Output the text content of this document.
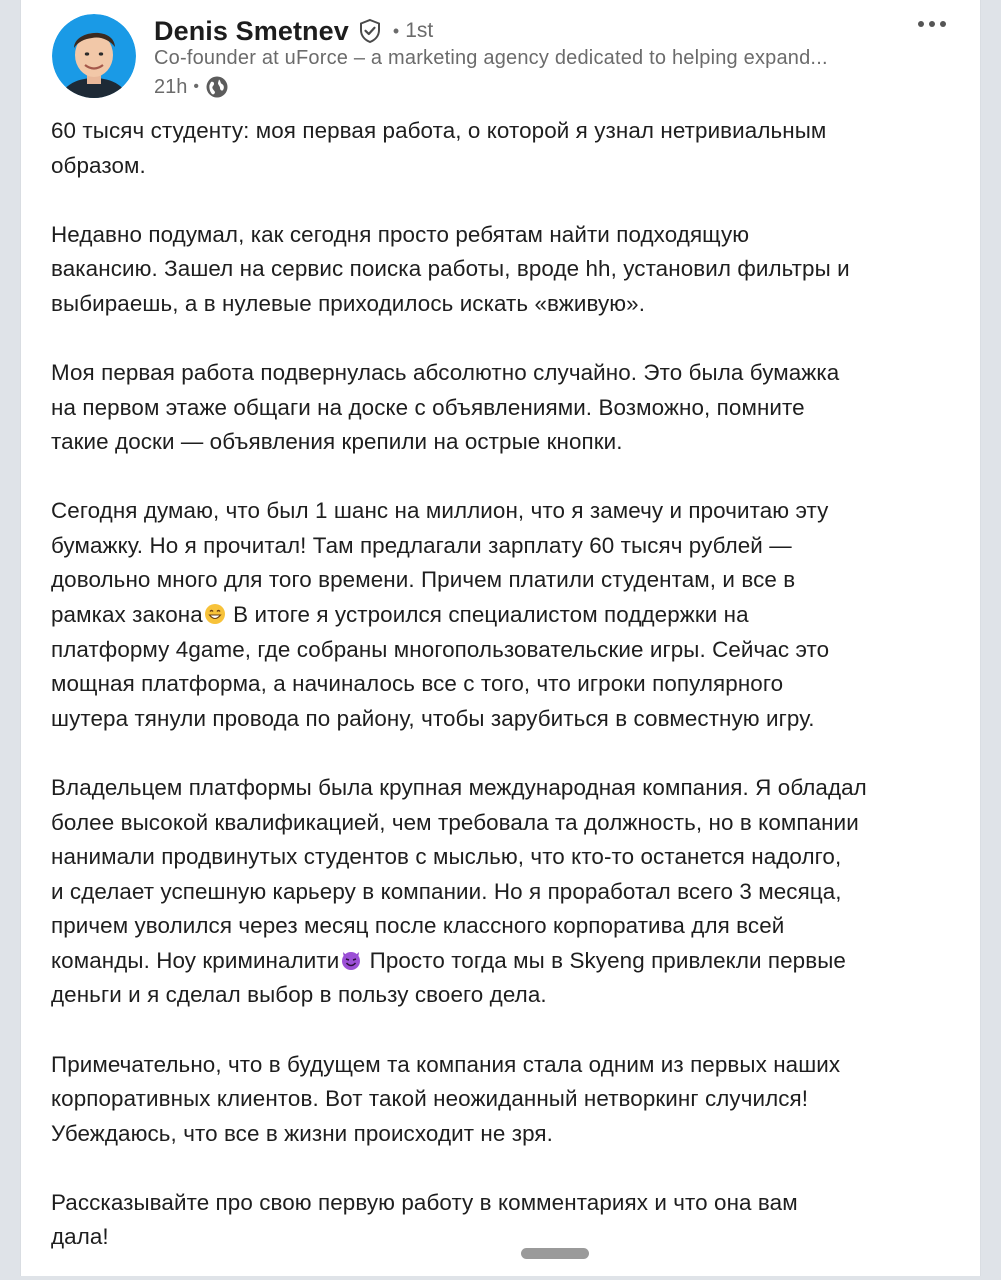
Denis Smetnev • 1st
Co-founder at uForce – a marketing agency dedicated to helping expand...
21h •

60 тысяч студенту: моя первая работа, о которой я узнал нетривиальным
образом.

Недавно подумал, как сегодня просто ребятам найти подходящую
вакансию. Зашел на сервис поиска работы, вроде hh, установил фильтры и
выбираешь, а в нулевые приходилось искать «вживую».

Моя первая работа подвернулась абсолютно случайно. Это была бумажка
на первом этаже общаги на доске с объявлениями. Возможно, помните
такие доски — объявления крепили на острые кнопки.

Сегодня думаю, что был 1 шанс на миллион, что я замечу и прочитаю эту
бумажку. Но я прочитал! Там предлагали зарплату 60 тысяч рублей —
довольно много для того времени. Причем платили студентам, и все в
рамках закона В итоге я устроился специалистом поддержки на
платформу 4game, где собраны многопользовательские игры. Сейчас это
мощная платформа, а начиналось все с того, что игроки популярного
шутера тянули провода по району, чтобы зарубиться в совместную игру.

Владельцем платформы была крупная международная компания. Я обладал
более высокой квалификацией, чем требовала та должность, но в компании
нанимали продвинутых студентов с мыслью, что кто-то останется надолго,
и сделает успешную карьеру в компании. Но я проработал всего 3 месяца,
причем уволился через месяц после классного корпоратива для всей
команды. Ноу криминалити Просто тогда мы в Skyeng привлекли первые
деньги и я сделал выбор в пользу своего дела.

Примечательно, что в будущем та компания стала одним из первых наших
корпоративных клиентов. Вот такой неожиданный нетворкинг случился!
Убеждаюсь, что все в жизни происходит не зря.

Рассказывайте про свою первую работу в комментариях и что она вам
дала!
